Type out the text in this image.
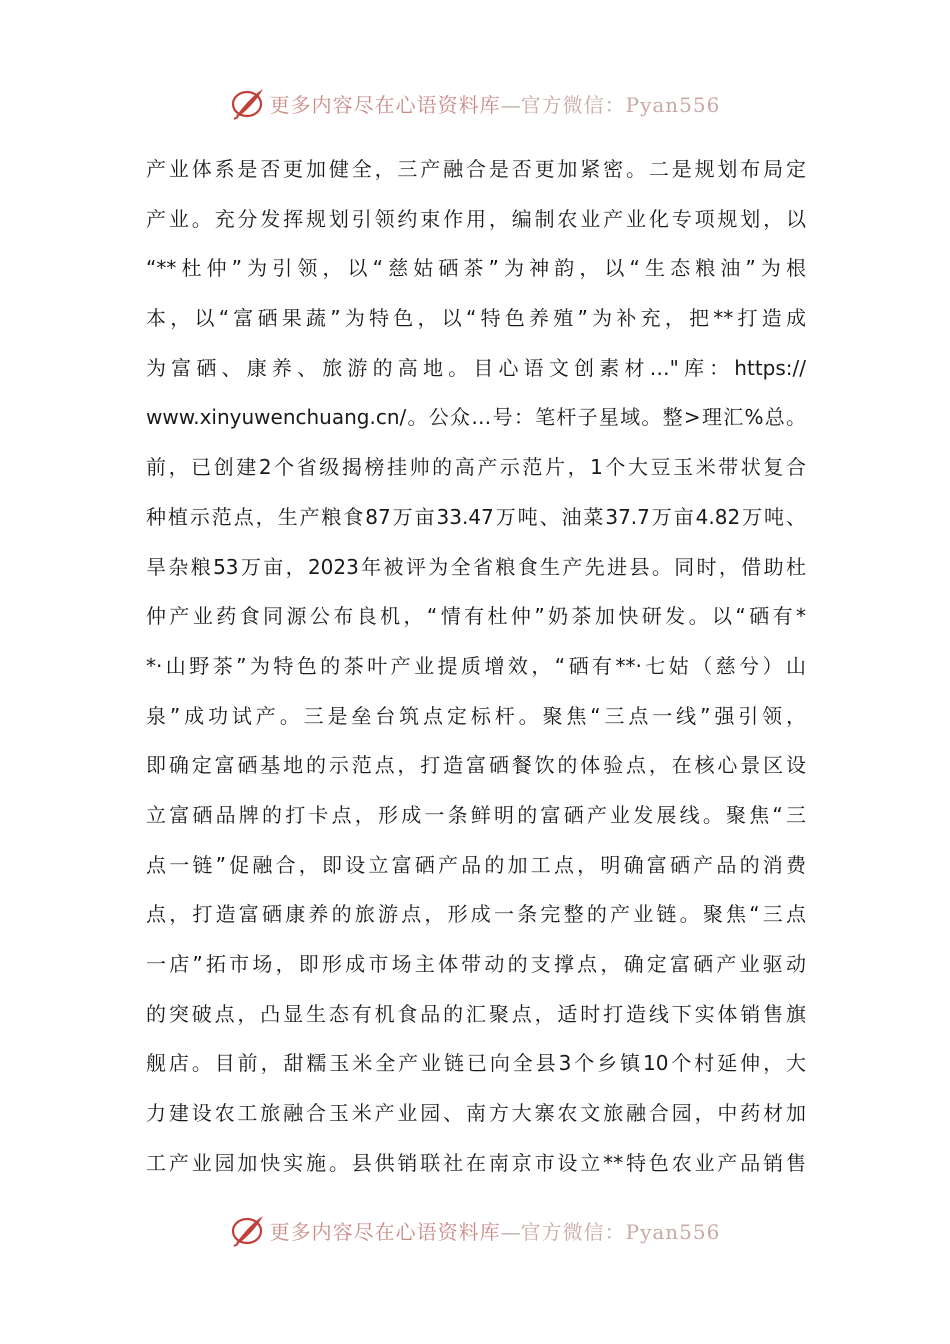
更多内容尽在心语资料库—官方微信：Pyan556
产业体系是否更加健全，三产融合是否更加紧密。二是规划布局定
产业。充分发挥规划引领约束作用，编制农业产业化专项规划，以
“**杜仲”为引领，以“慈姑硒茶”为神韵，以“生态粮油”为根
本，以“富硒果蔬”为特色，以“特色养殖”为补充，把**打造成
为富硒、康养、旅游的高地。目心语文创素材…"库：https://
www.xinyuwenchuang.cn/。公众…号：笔杆子星域。整>理汇%总。
前，已创建2个省级揭榜挂帅的高产示范片，1个大豆玉米带状复合
种植示范点，生产粮食87万亩33.47万吨、油菜37.7万亩4.82万吨、
旱杂粮53万亩，2023年被评为全省粮食生产先进县。同时，借助杜
仲产业药食同源公布良机，“情有杜仲”奶茶加快研发。以“硒有*
*·山野茶”为特色的茶叶产业提质增效，“硒有**·七姑（慈兮）山
泉”成功试产。三是垒台筑点定标杆。聚焦“三点一线”强引领，
即确定富硒基地的示范点，打造富硒餐饮的体验点，在核心景区设
立富硒品牌的打卡点，形成一条鲜明的富硒产业发展线。聚焦“三
点一链”促融合，即设立富硒产品的加工点，明确富硒产品的消费
点，打造富硒康养的旅游点，形成一条完整的产业链。聚焦“三点
一店”拓市场，即形成市场主体带动的支撑点，确定富硒产业驱动
的突破点，凸显生态有机食品的汇聚点，适时打造线下实体销售旗
舰店。目前，甜糯玉米全产业链已向全县3个乡镇10个村延伸，大
力建设农工旅融合玉米产业园、南方大寨农文旅融合园，中药材加
工产业园加快实施。县供销联社在南京市设立**特色农业产品销售
更多内容尽在心语资料库—官方微信：Pyan556
